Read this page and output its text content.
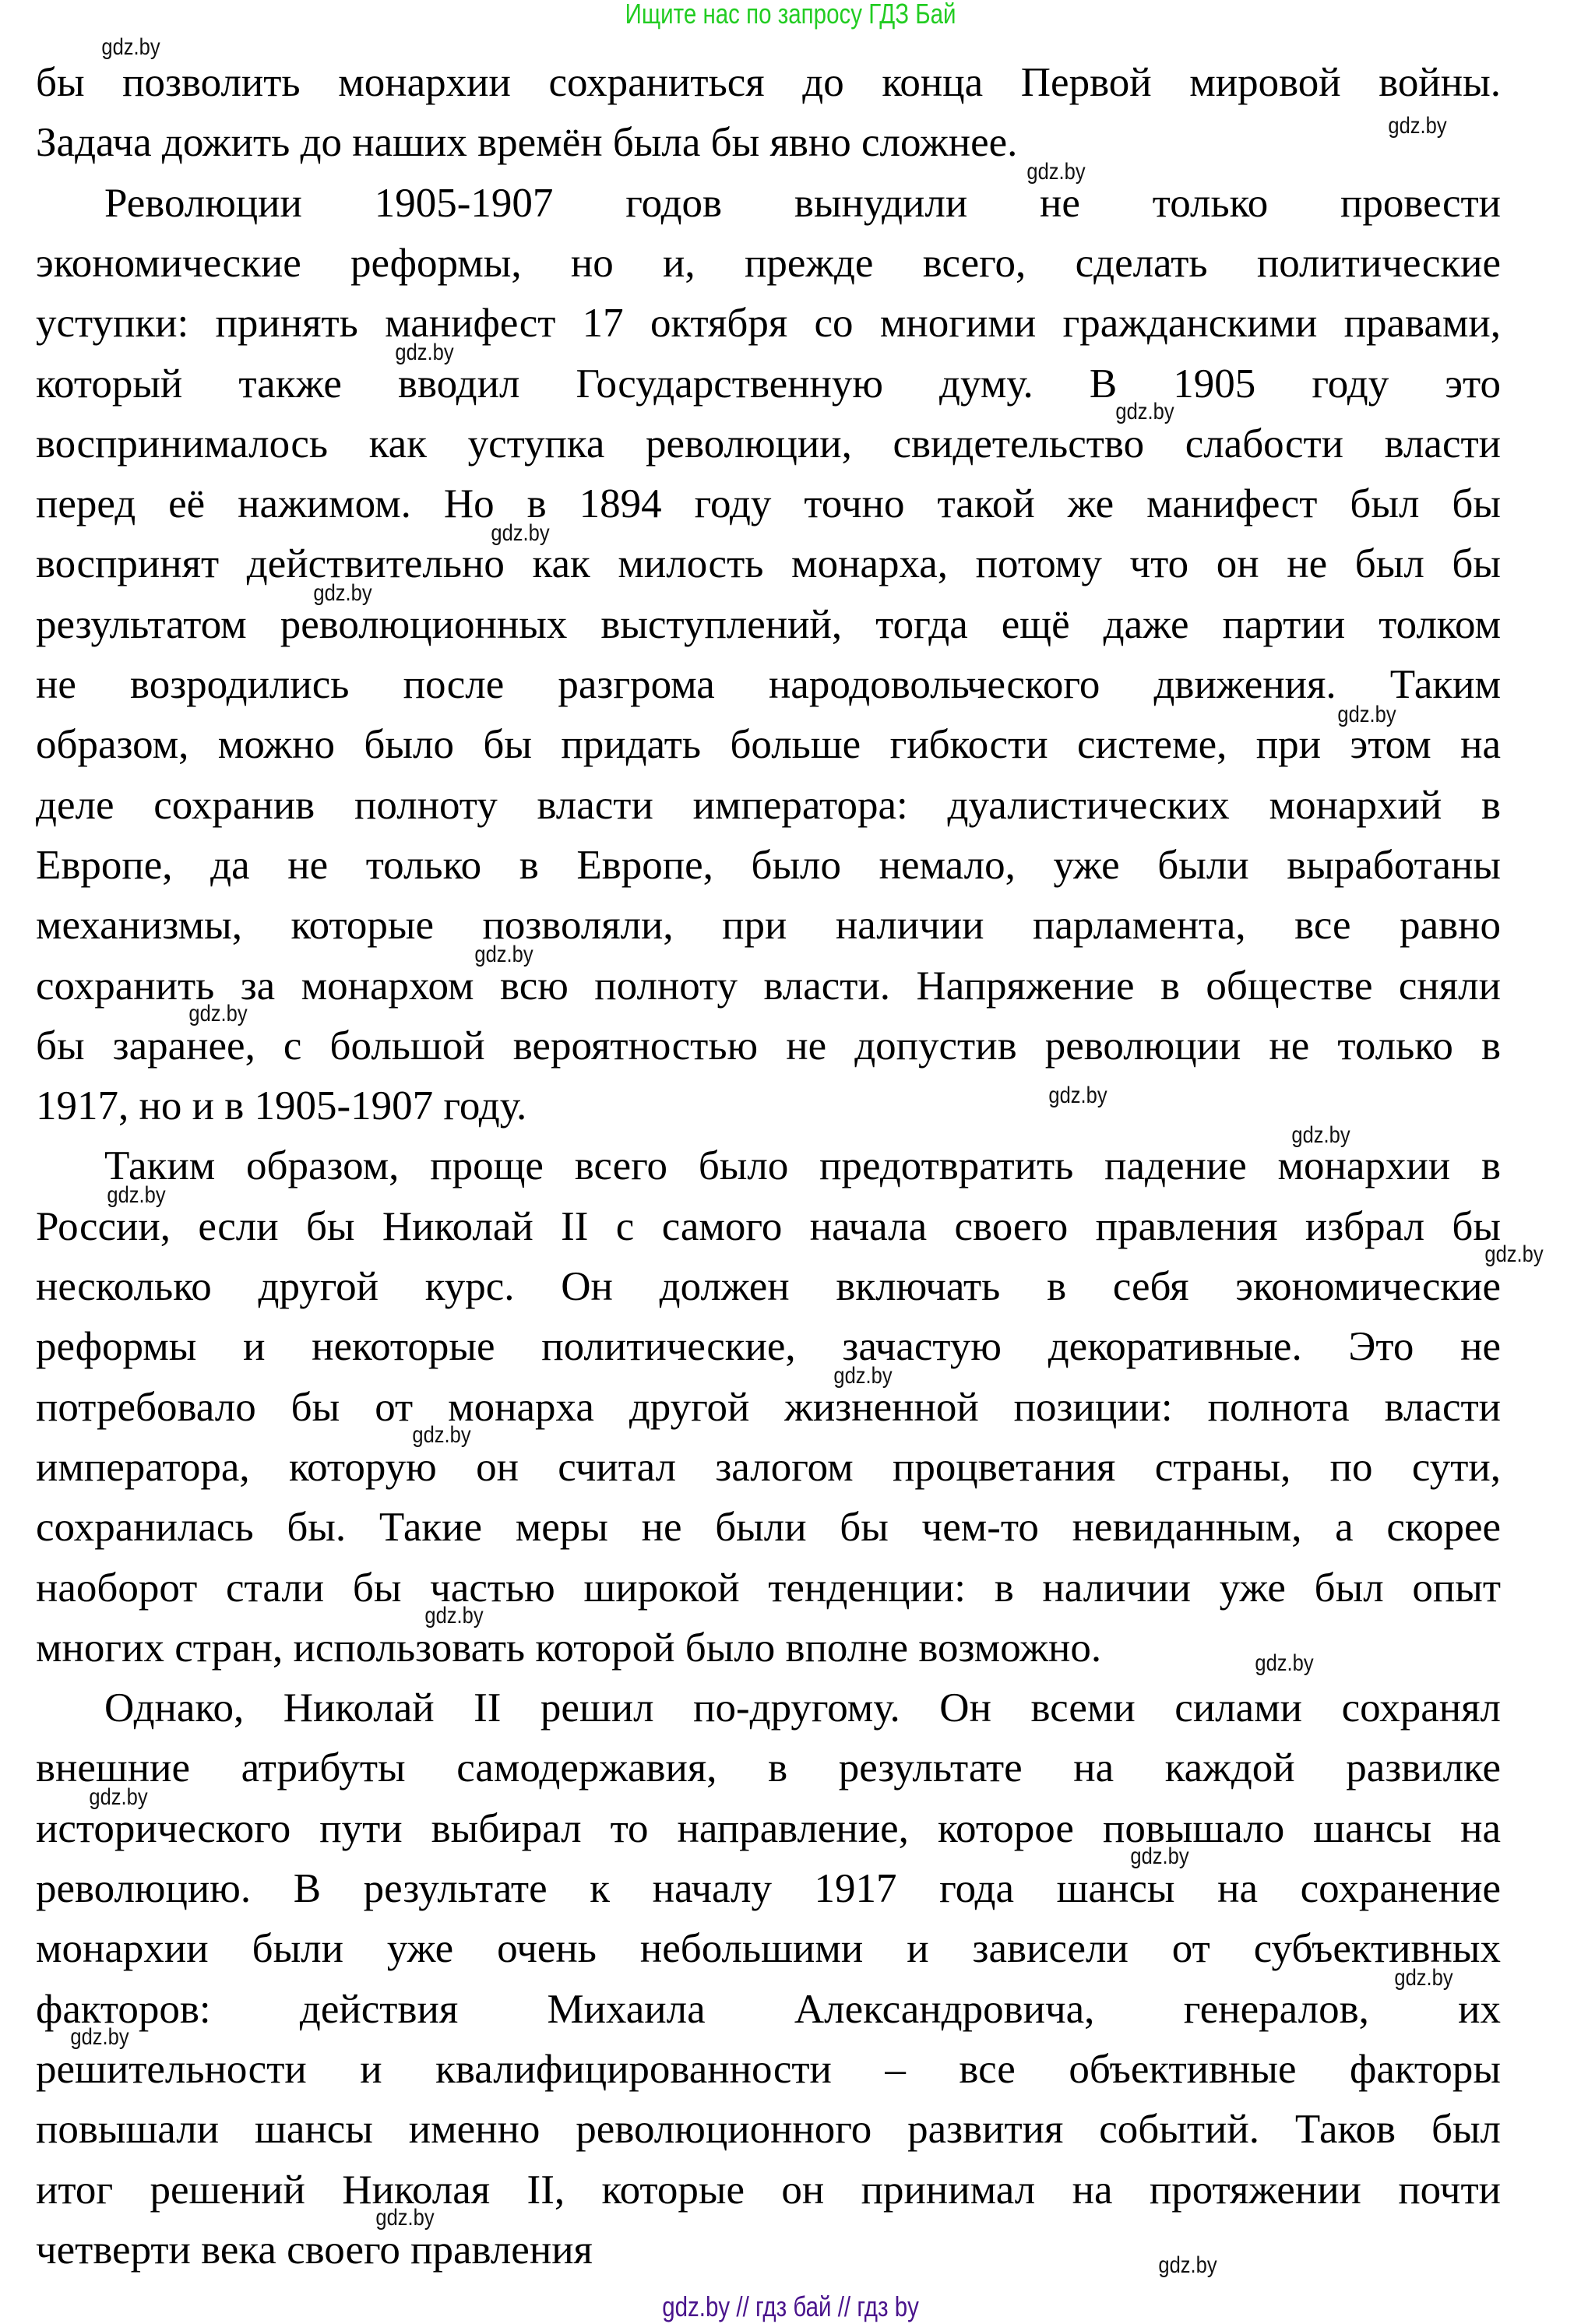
Ищите нас по запросу ГДЗ Бай
бы позволить монархии сохраниться до конца Первой мировой войны.
Задача дожить до наших времён была бы явно сложнее.
Революции 1905-1907 годов вынудили не только провести
экономические реформы, но и, прежде всего, сделать политические
уступки: принять манифест 17 октября со многими гражданскими правами,
который также вводил Государственную думу. В 1905 году это
воспринималось как уступка революции, свидетельство слабости власти
перед её нажимом. Но в 1894 году точно такой же манифест был бы
воспринят действительно как милость монарха, потому что он не был бы
результатом революционных выступлений, тогда ещё даже партии толком
не возродились после разгрома народовольческого движения. Таким
образом, можно было бы придать больше гибкости системе, при этом на
деле сохранив полноту власти императора: дуалистических монархий в
Европе, да не только в Европе, было немало, уже были выработаны
механизмы, которые позволяли, при наличии парламента, все равно
сохранить за монархом всю полноту власти. Напряжение в обществе сняли
бы заранее, с большой вероятностью не допустив революции не только в
1917, но и в 1905-1907 году.
Таким образом, проще всего было предотвратить падение монархии в
России, если бы Николай II с самого начала своего правления избрал бы
несколько другой курс. Он должен включать в себя экономические
реформы и некоторые политические, зачастую декоративные. Это не
потребовало бы от монарха другой жизненной позиции: полнота власти
императора, которую он считал залогом процветания страны, по сути,
сохранилась бы. Такие меры не были бы чем-то невиданным, а скорее
наоборот стали бы частью широкой тенденции: в наличии уже был опыт
многих стран, использовать которой было вполне возможно.
Однако, Николай II решил по-другому. Он всеми силами сохранял
внешние атрибуты самодержавия, в результате на каждой развилке
исторического пути выбирал то направление, которое повышало шансы на
революцию. В результате к началу 1917 года шансы на сохранение
монархии были уже очень небольшими и зависели от субъективных
факторов: действия Михаила Александровича, генералов, их
решительности и квалифицированности – все объективные факторы
повышали шансы именно революционного развития событий. Таков был
итог решений Николая II, которые он принимал на протяжении почти
четверти века своего правления
gdz.by
gdz.by
gdz.by
gdz.by
gdz.by
gdz.by
gdz.by
gdz.by
gdz.by
gdz.by
gdz.by
gdz.by
gdz.by
gdz.by
gdz.by
gdz.by
gdz.by
gdz.by
gdz.by
gdz.by
gdz.by
gdz.by
gdz.by
gdz.by
gdz.by // гдз бай // гдз by
